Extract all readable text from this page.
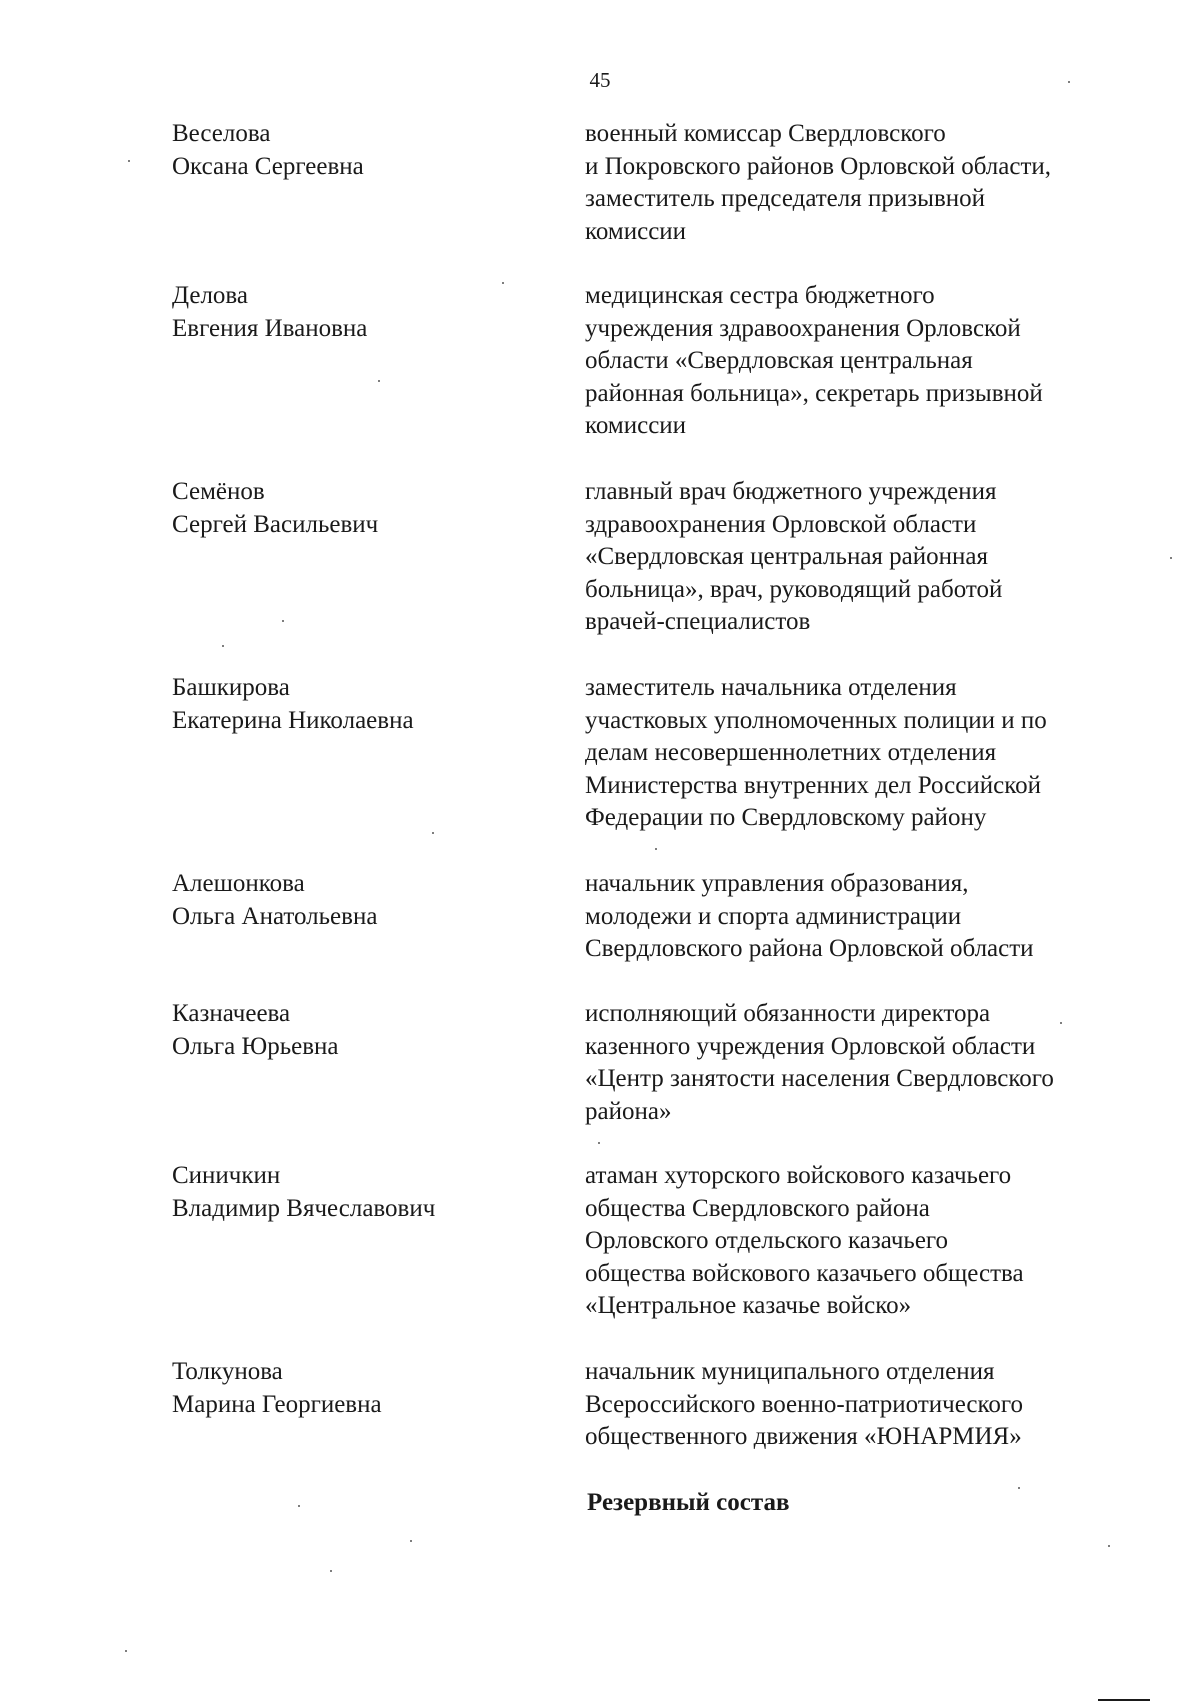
45
Веселова
Оксана Сергеевна
военный комиссар Свердловского
и Покровского районов Орловской области,
заместитель председателя призывной
комиссии
Делова
Евгения Ивановна
медицинская сестра бюджетного
учреждения здравоохранения Орловской
области «Свердловская центральная
районная больница», секретарь призывной
комиссии
Семёнов
Сергей Васильевич
главный врач бюджетного учреждения
здравоохранения Орловской области
«Свердловская центральная районная
больница», врач, руководящий работой
врачей-специалистов
Башкирова
Екатерина Николаевна
заместитель начальника отделения
участковых уполномоченных полиции и по
делам несовершеннолетних отделения
Министерства внутренних дел Российской
Федерации по Свердловскому району
Алешонкова
Ольга Анатольевна
начальник управления образования,
молодежи и спорта администрации
Свердловского района Орловской области
Казначеева
Ольга Юрьевна
исполняющий обязанности директора
казенного учреждения Орловской области
«Центр занятости населения Свердловского
района»
Синичкин
Владимир Вячеславович
атаман хуторского войскового казачьего
общества Свердловского района
Орловского отдельского казачьего
общества войскового казачьего общества
«Центральное казачье войско»
Толкунова
Марина Георгиевна
начальник муниципального отделения
Всероссийского военно-патриотического
общественного движения «ЮНАРМИЯ»
Резервный состав
